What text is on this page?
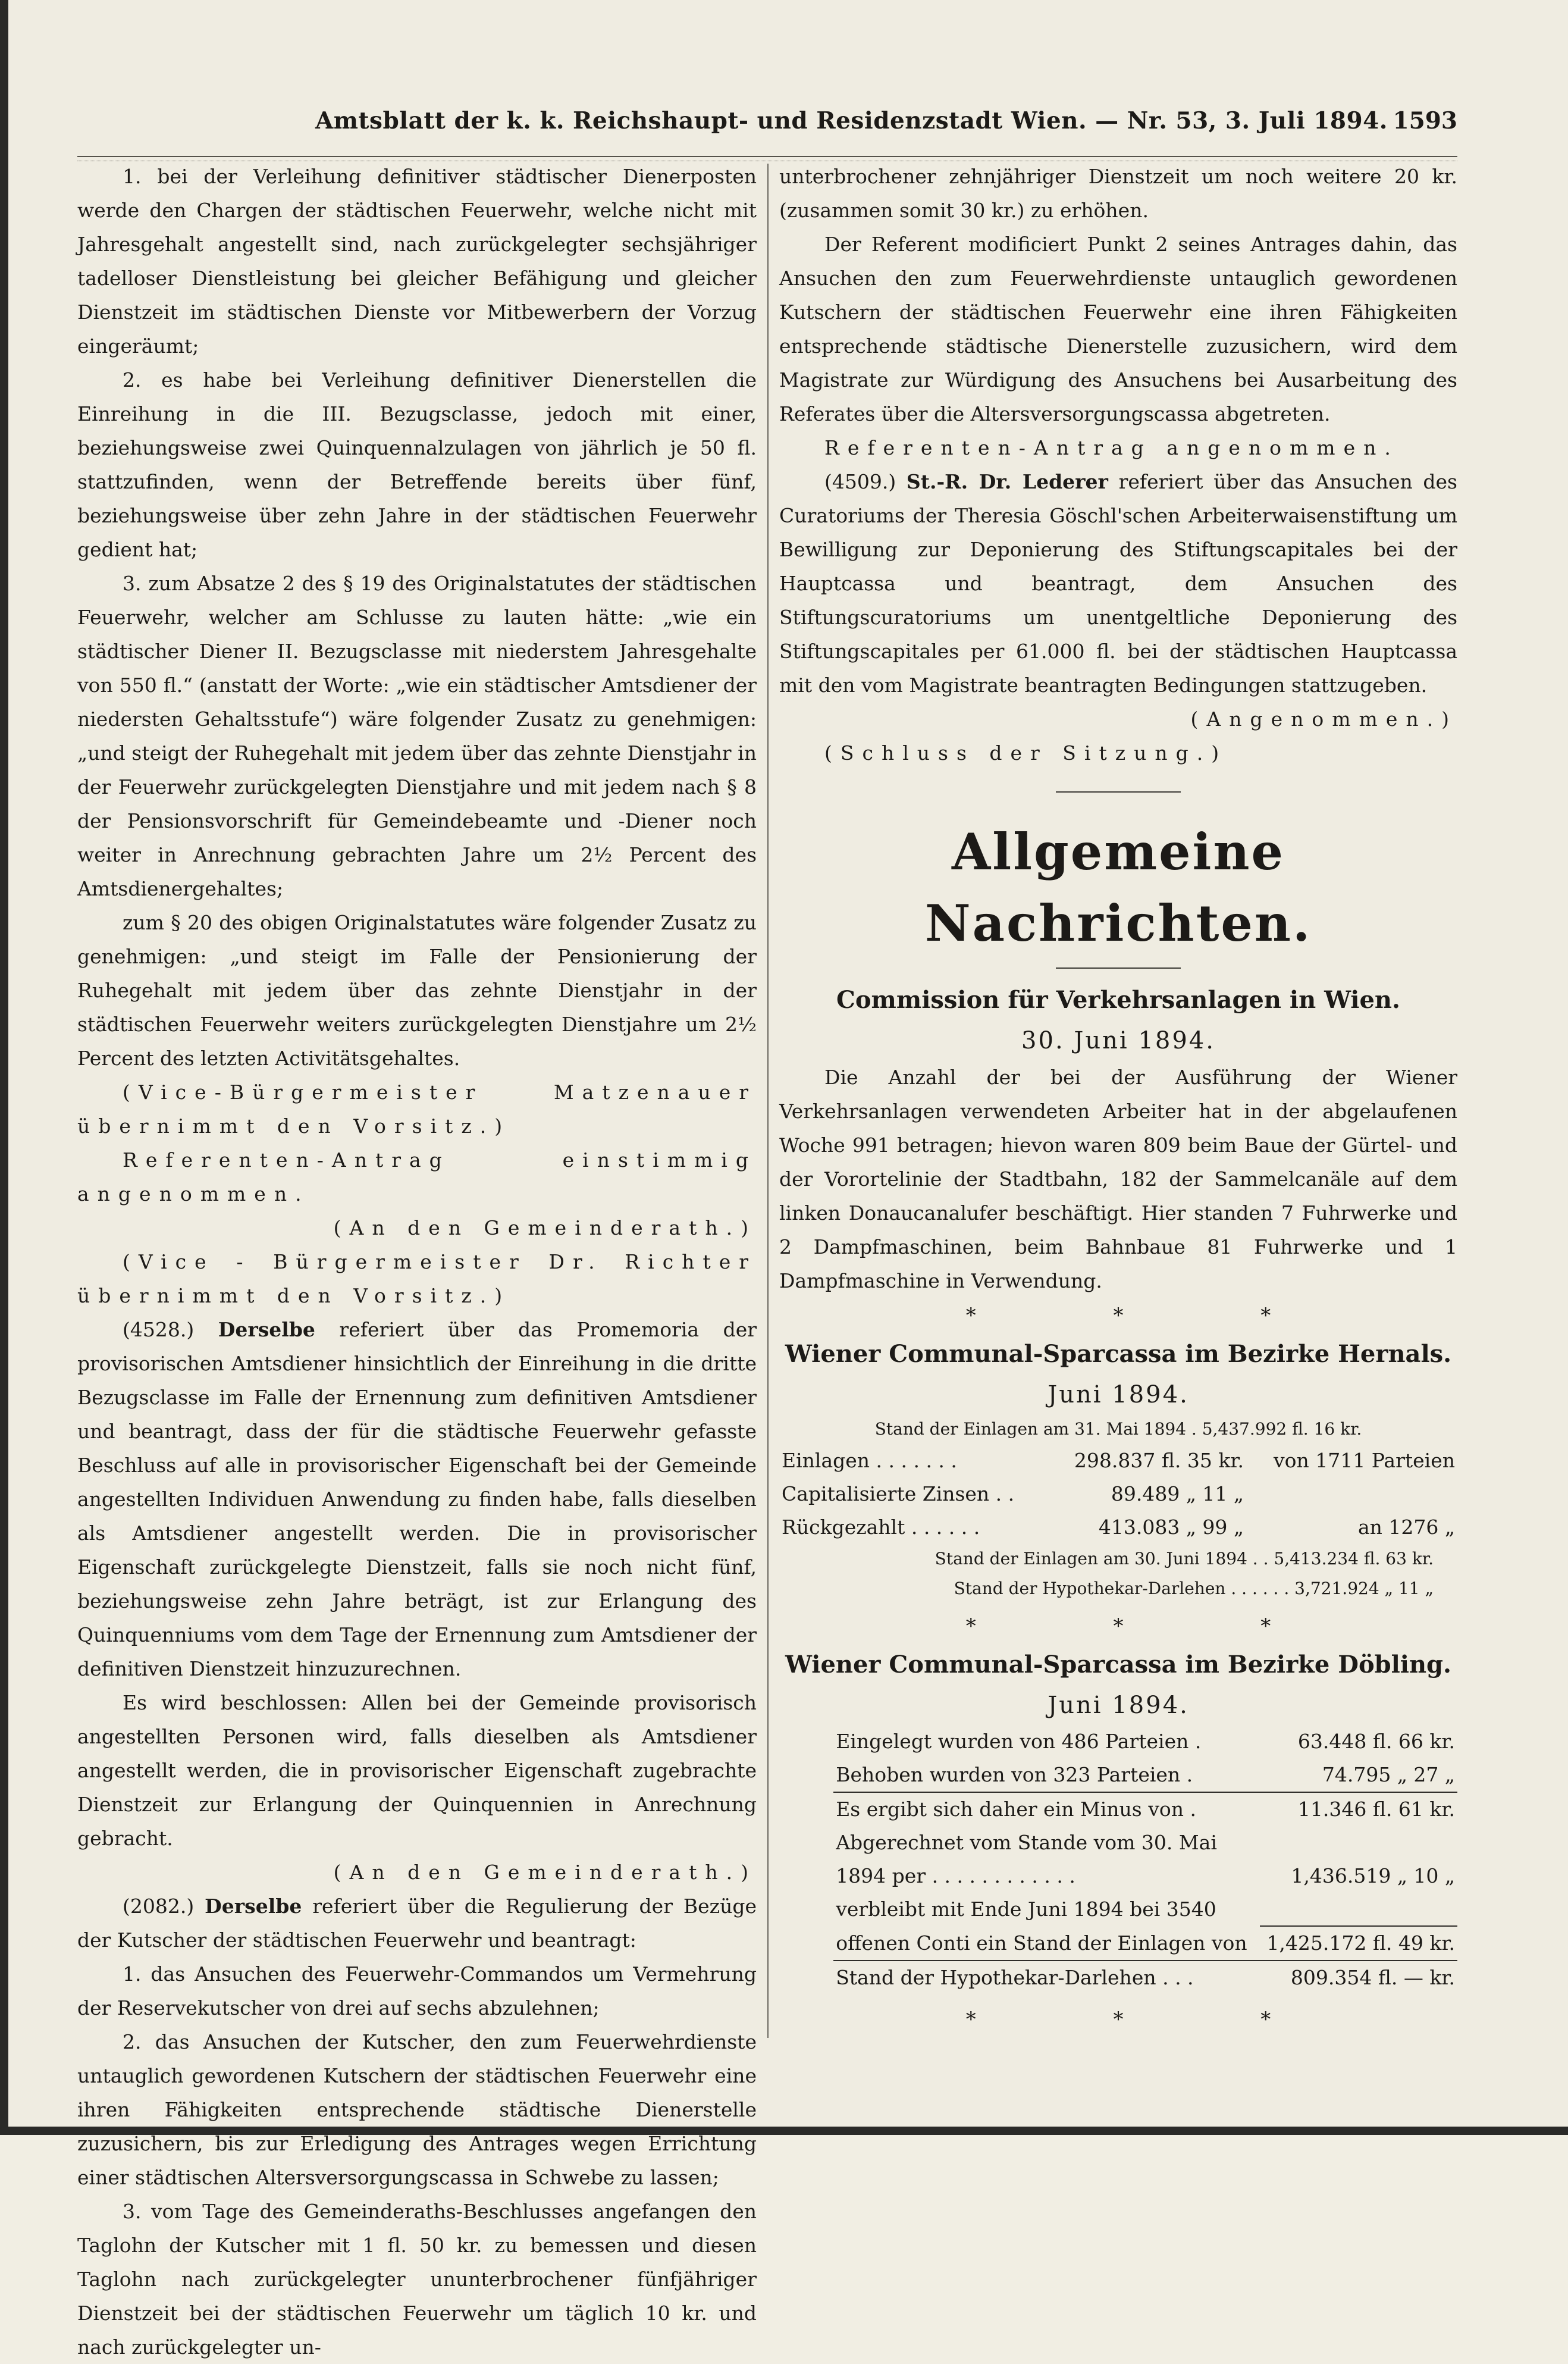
Amtsblatt der k. k. Reichshaupt- und Residenzstadt Wien. — Nr. 53, 3. Juli 1894. 1593

1. bei der Verleihung definitiver städtischer Dienerposten werde den Chargen der städtischen Feuerwehr, welche nicht mit Jahresgehalt angestellt sind, nach zurückgelegter sechsjähriger tadelloser Dienstleistung bei gleicher Befähigung und gleicher Dienstzeit im städtischen Dienste vor Mitbewerbern der Vorzug eingeräumt;

2. es habe bei Verleihung definitiver Dienerstellen die Einreihung in die III. Bezugsclasse, jedoch mit einer, beziehungsweise zwei Quinquennalzulagen von jährlich je 50 fl. stattzufinden, wenn der Betreffende bereits über fünf, beziehungsweise über zehn Jahre in der städtischen Feuerwehr gedient hat;

3. zum Absatze 2 des § 19 des Originalstatutes der städtischen Feuerwehr, welcher am Schlusse zu lauten hätte: „wie ein städtischer Diener II. Bezugsclasse mit niederstem Jahresgehalte von 550 fl.“ (anstatt der Worte: „wie ein städtischer Amtsdiener der niedersten Gehaltsstufe“) wäre folgender Zusatz zu genehmigen: „und steigt der Ruhegehalt mit jedem über das zehnte Dienstjahr in der Feuerwehr zurückgelegten Dienstjahre und mit jedem nach § 8 der Pensionsvorschrift für Gemeindebeamte und -Diener noch weiter in Anrechnung gebrachten Jahre um 2½ Percent des Amtsdienergehaltes;

zum § 20 des obigen Originalstatutes wäre folgender Zusatz zu genehmigen: „und steigt im Falle der Pensionierung der Ruhegehalt mit jedem über das zehnte Dienstjahr in der städtischen Feuerwehr weiters zurückgelegten Dienstjahre um 2½ Percent des letzten Activitätsgehaltes.

(Vice-Bürgermeister Matzenauer übernimmt den Vorsitz.)

Referenten-Antrag einstimmig angenommen.

(An den Gemeinderath.)

(Vice - Bürgermeister Dr. Richter übernimmt den Vorsitz.)

(4528.) Derselbe referiert über das Promemoria der provisorischen Amtsdiener hinsichtlich der Einreihung in die dritte Bezugsclasse im Falle der Ernennung zum definitiven Amtsdiener und beantragt, dass der für die städtische Feuerwehr gefasste Beschluss auf alle in provisorischer Eigenschaft bei der Gemeinde angestellten Individuen Anwendung zu finden habe, falls dieselben als Amtsdiener angestellt werden. Die in provisorischer Eigenschaft zurückgelegte Dienstzeit, falls sie noch nicht fünf, beziehungsweise zehn Jahre beträgt, ist zur Erlangung des Quinquenniums vom dem Tage der Ernennung zum Amtsdiener der definitiven Dienstzeit hinzuzurechnen.

Es wird beschlossen: Allen bei der Gemeinde provisorisch angestellten Personen wird, falls dieselben als Amtsdiener angestellt werden, die in provisorischer Eigenschaft zugebrachte Dienstzeit zur Erlangung der Quinquennien in Anrechnung gebracht.

(An den Gemeinderath.)

(2082.) Derselbe referiert über die Regulierung der Bezüge der Kutscher der städtischen Feuerwehr und beantragt:

1. das Ansuchen des Feuerwehr-Commandos um Vermehrung der Reservekutscher von drei auf sechs abzulehnen;

2. das Ansuchen der Kutscher, den zum Feuerwehrdienste untauglich gewordenen Kutschern der städtischen Feuerwehr eine ihren Fähigkeiten entsprechende städtische Dienerstelle zuzusichern, bis zur Erledigung des Antrages wegen Errichtung einer städtischen Altersversorgungscassa in Schwebe zu lassen;

3. vom Tage des Gemeinderaths-Beschlusses angefangen den Taglohn der Kutscher mit 1 fl. 50 kr. zu bemessen und diesen Taglohn nach zurückgelegter ununterbrochener fünfjähriger Dienstzeit bei der städtischen Feuerwehr um täglich 10 kr. und nach zurückgelegter un-

unterbrochener zehnjähriger Dienstzeit um noch weitere 20 kr. (zusammen somit 30 kr.) zu erhöhen.

Der Referent modificiert Punkt 2 seines Antrages dahin, das Ansuchen den zum Feuerwehrdienste untauglich gewordenen Kutschern der städtischen Feuerwehr eine ihren Fähigkeiten entsprechende städtische Dienerstelle zuzusichern, wird dem Magistrate zur Würdigung des Ansuchens bei Ausarbeitung des Referates über die Altersversorgungscassa abgetreten.

Referenten-Antrag angenommen.

(4509.) St.-R. Dr. Lederer referiert über das Ansuchen des Curatoriums der Theresia Göschl'schen Arbeiterwaisenstiftung um Bewilligung zur Deponierung des Stiftungscapitales bei der Hauptcassa und beantragt, dem Ansuchen des Stiftungscuratoriums um unentgeltliche Deponierung des Stiftungscapitales per 61.000 fl. bei der städtischen Hauptcassa mit den vom Magistrate beantragten Bedingungen stattzugeben.

(Angenommen.)

(Schluss der Sitzung.)

Allgemeine Nachrichten.
Commission für Verkehrsanlagen in Wien.
30. Juni 1894.

Die Anzahl der bei der Ausführung der Wiener Verkehrsanlagen verwendeten Arbeiter hat in der abgelaufenen Woche 991 betragen; hievon waren 809 beim Baue der Gürtel- und der Vorortelinie der Stadtbahn, 182 der Sammelcanäle auf dem linken Donaucanalufer beschäftigt. Hier standen 7 Fuhrwerke und 2 Dampfmaschinen, beim Bahnbaue 81 Fuhrwerke und 1 Dampfmaschine in Verwendung.

* * *
Wiener Communal-Sparcassa im Bezirke Hernals.
Juni 1894.

Stand der Einlagen am 31. Mai 1894 . 5,437.992 fl. 16 kr.

Einlagen . . . . . . .	298.837 fl. 35 kr.	von 1711 Parteien
Capitalisierte Zinsen . .	89.489 „ 11 „	
Rückgezahlt . . . . . .	413.083 „ 99 „	an 1276 „

Stand der Einlagen am 30. Juni 1894 . . 5,413.234 fl. 63 kr.

Stand der Hypothekar-Darlehen . . . . . . 3,721.924 „ 11 „

* * *
Wiener Communal-Sparcassa im Bezirke Döbling.
Juni 1894.
Eingelegt wurden von 486 Parteien .	63.448 fl. 66 kr.
Behoben wurden von 323 Parteien .	74.795 „ 27 „
Es ergibt sich daher ein Minus von .	11.346 fl. 61 kr.
Abgerechnet vom Stande vom 30. Mai	
1894 per . . . . . . . . . . . .	1,436.519 „ 10 „
verbleibt mit Ende Juni 1894 bei 3540	
offenen Conti ein Stand der Einlagen von	1,425.172 fl. 49 kr.
Stand der Hypothekar-Darlehen . . .	809.354 fl. — kr.
* * *
